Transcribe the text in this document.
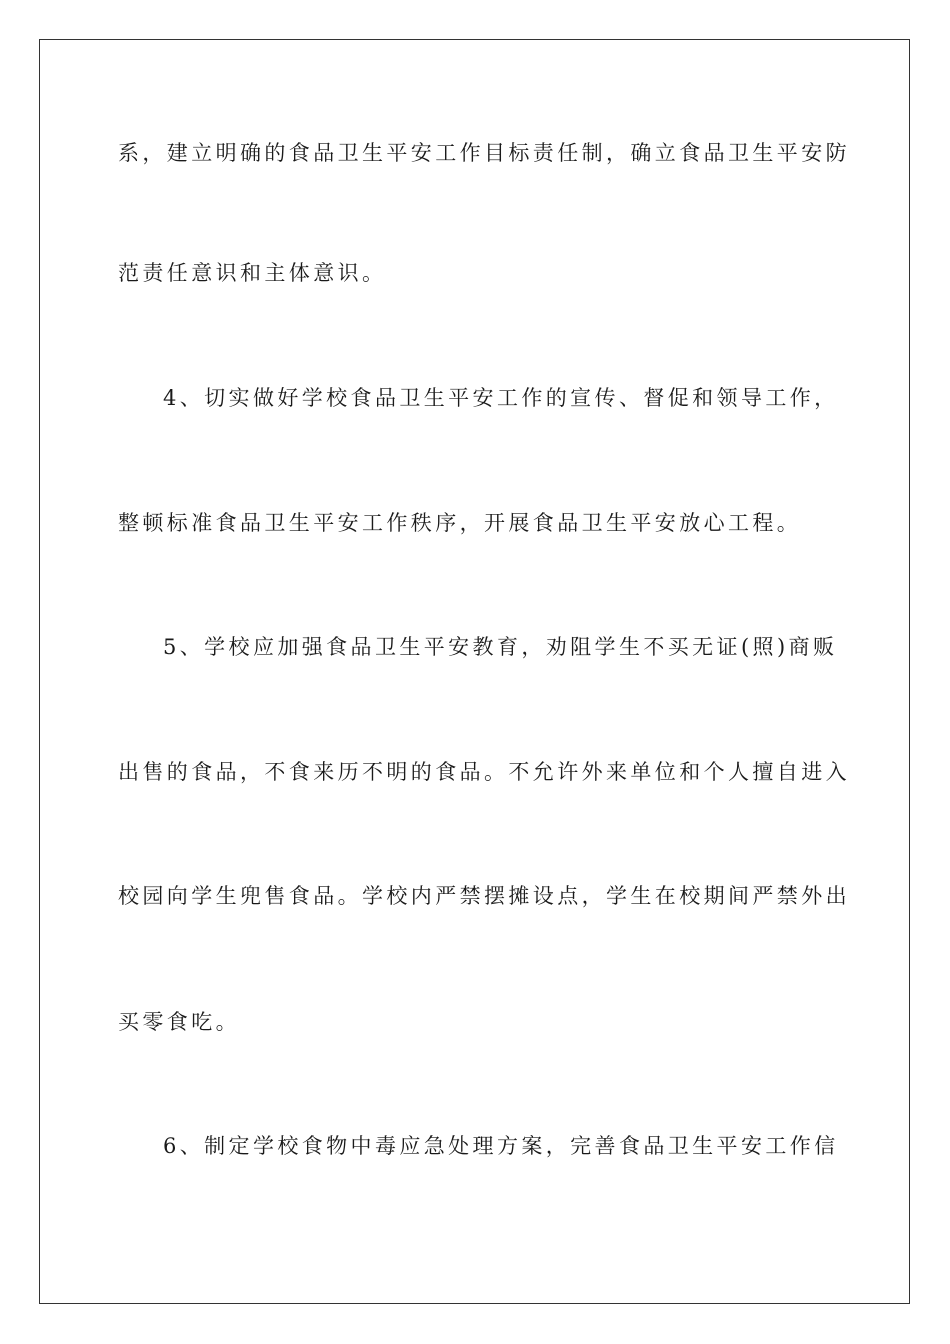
系，建立明确的食品卫生平安工作目标责任制，确立食品卫生平安防
范责任意识和主体意识。
4、切实做好学校食品卫生平安工作的宣传、督促和领导工作，
整顿标准食品卫生平安工作秩序，开展食品卫生平安放心工程。
5、学校应加强食品卫生平安教育，劝阻学生不买无证(照)商贩
出售的食品，不食来历不明的食品。不允许外来单位和个人擅自进入
校园向学生兜售食品。学校内严禁摆摊设点，学生在校期间严禁外出
买零食吃。
6、制定学校食物中毒应急处理方案，完善食品卫生平安工作信
